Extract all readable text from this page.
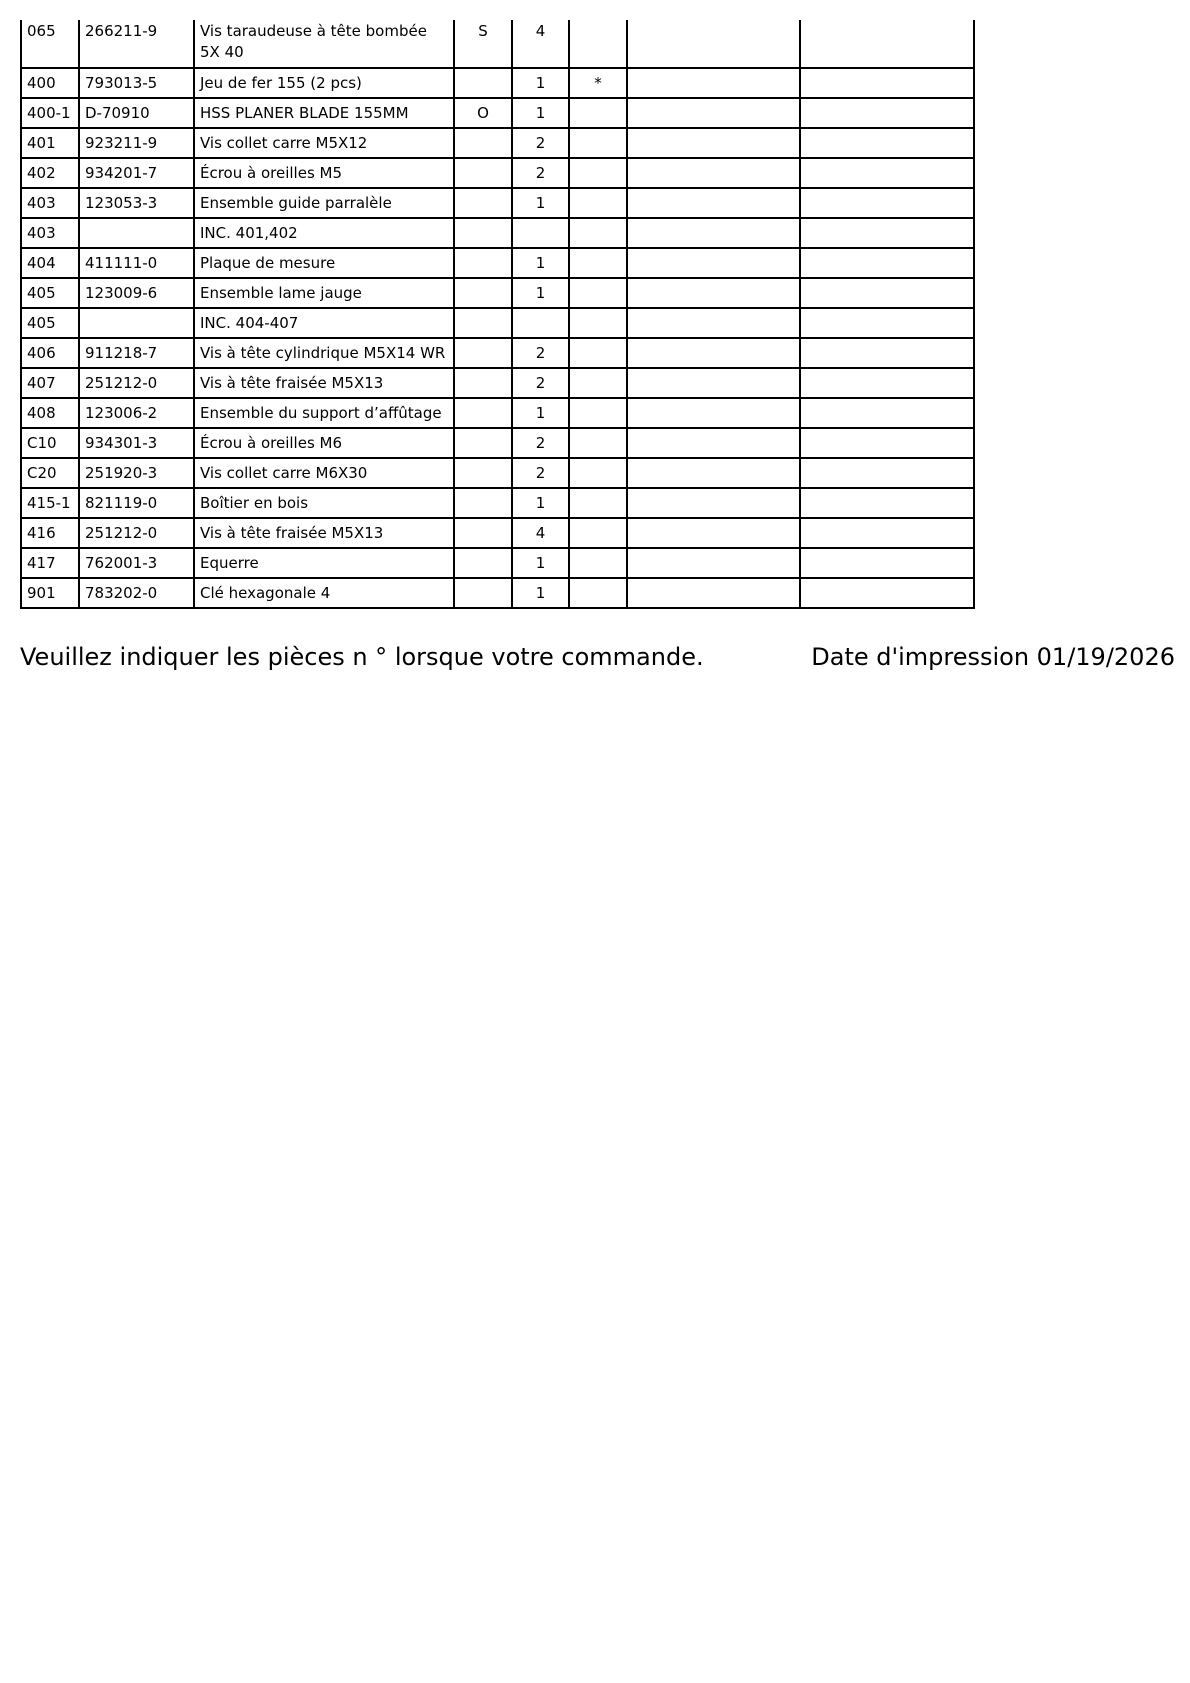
065	266211-9	Vis taraudeuse à tête bombée 5X 40	S	4			
400	793013-5	Jeu de fer 155 (2 pcs)		1	*		
400-1	D-70910	HSS PLANER BLADE 155MM	O	1			
401	923211-9	Vis collet carre M5X12		2			
402	934201-7	Écrou à oreilles M5		2			
403	123053-3	Ensemble guide parralèle		1			
403		INC. 401,402					
404	411111-0	Plaque de mesure		1			
405	123009-6	Ensemble lame jauge		1			
405		INC. 404-407					
406	911218-7	Vis à tête cylindrique M5X14 WR		2			
407	251212-0	Vis à tête fraisée M5X13		2			
408	123006-2	Ensemble du support d’affûtage		1			
C10	934301-3	Écrou à oreilles M6		2			
C20	251920-3	Vis collet carre M6X30		2			
415-1	821119-0	Boîtier en bois		1			
416	251212-0	Vis à tête fraisée M5X13		4			
417	762001-3	Equerre		1			
901	783202-0	Clé hexagonale 4		1			
Veuillez indiquer les pièces n ° lorsque votre commande.	Date d'impression 01/19/2026
